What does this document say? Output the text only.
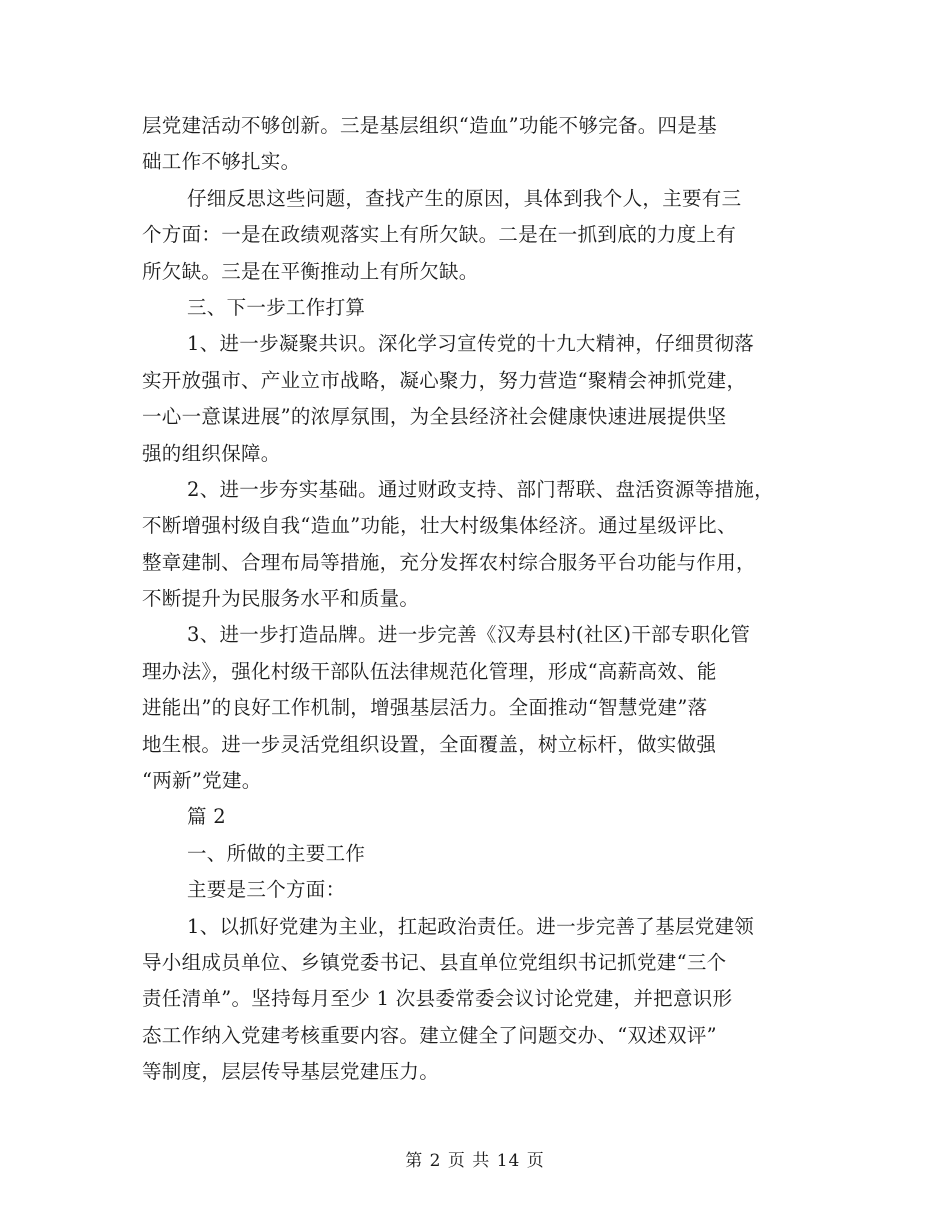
层党建活动不够创新。三是基层组织“造血”功能不够完备。四是基
础工作不够扎实。
仔细反思这些问题，查找产生的原因，具体到我个人，主要有三
个方面：一是在政绩观落实上有所欠缺。二是在一抓到底的力度上有
所欠缺。三是在平衡推动上有所欠缺。
三、下一步工作打算
1、进一步凝聚共识。深化学习宣传党的十九大精神，仔细贯彻落
实开放强市、产业立市战略，凝心聚力，努力营造“聚精会神抓党建，
一心一意谋进展”的浓厚氛围，为全县经济社会健康快速进展提供坚
强的组织保障。
2、进一步夯实基础。通过财政支持、部门帮联、盘活资源等措施，
不断增强村级自我“造血”功能，壮大村级集体经济。通过星级评比、
整章建制、合理布局等措施，充分发挥农村综合服务平台功能与作用，
不断提升为民服务水平和质量。
3、进一步打造品牌。进一步完善《汉寿县村(社区)干部专职化管
理办法》，强化村级干部队伍法律规范化管理，形成“高薪高效、能
进能出”的良好工作机制，增强基层活力。全面推动“智慧党建”落
地生根。进一步灵活党组织设置，全面覆盖，树立标杆，做实做强
“两新”党建。
篇 2
一、所做的主要工作
主要是三个方面：
1、以抓好党建为主业，扛起政治责任。进一步完善了基层党建领
导小组成员单位、乡镇党委书记、县直单位党组织书记抓党建“三个
责任清单”。坚持每月至少 1 次县委常委会议讨论党建，并把意识形
态工作纳入党建考核重要内容。建立健全了问题交办、“双述双评”
等制度，层层传导基层党建压力。
第 2 页 共 14 页
